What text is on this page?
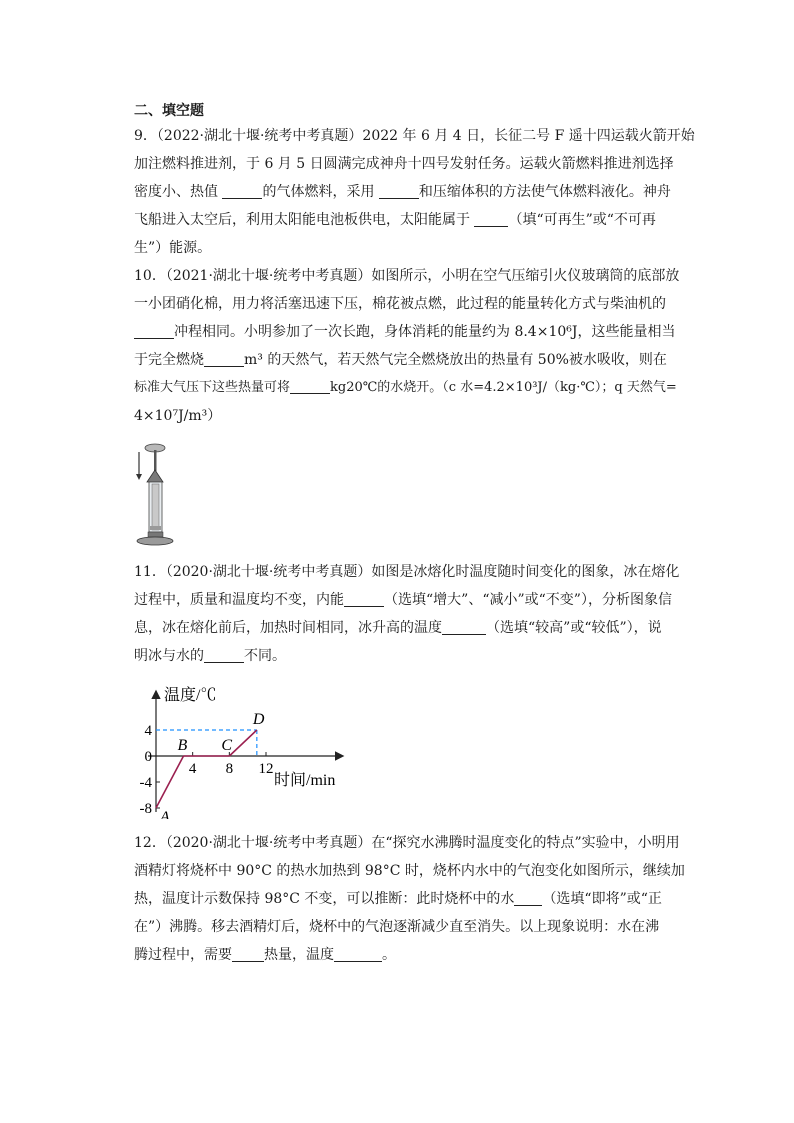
二、填空题
9．（2022·湖北十堰·统考中考真题）2022 年 6 月 4 日，长征二号 F 遥十四运载火箭开始
加注燃料推进剂，于 6 月 5 日圆满完成神舟十四号发射任务。运载火箭燃料推进剂选择
密度小、热值	的气体燃料，采用	和压缩体积的方法使气体燃料液化。神舟
飞船进入太空后，利用太阳能电池板供电，太阳能属于 （填“可再生”或“不可再
生”）能源。
10．（2021·湖北十堰·统考中考真题）如图所示，小明在空气压缩引火仪玻璃筒的底部放
一小团硝化棉，用力将活塞迅速下压，棉花被点燃，此过程的能量转化方式与柴油机的
冲程相同。小明参加了一次长跑，身体消耗的能量约为 8.4×10⁶J，这些能量相当
于完全燃烧	m³ 的天然气，若天然气完全燃烧放出的热量有 50%被水吸收，则在
标准大气压下这些热量可将	kg20℃的水烧开。（c 水=4.2×10³J/（kg·℃）；q 天然气=
4×10⁷J/m³）
11．（2020·湖北十堰·统考中考真题）如图是冰熔化时温度随时间变化的图象，冰在熔化
过程中，质量和温度均不变，内能	（选填“增大”、“减小”或“不变”），分析图象信
息，冰在熔化前后，加热时间相同，冰升高的温度	（选填“较高”或“较低”），说
明冰与水的	不同。
温度/℃
时间/min
4
0
-4
-8
4 8 12
A
B C
D
12．（2020·湖北十堰·统考中考真题）在“探究水沸腾时温度变化的特点”实验中，小明用
酒精灯将烧杯中 90°C 的热水加热到 98°C 时，烧杯内水中的气泡变化如图所示，继续加
热，温度计示数保持 98°C 不变，可以推断：此时烧杯中的水 （选填“即将”或“正
在”）沸腾。移去酒精灯后，烧杯中的气泡逐渐减少直至消失。以上现象说明：水在沸
腾过程中，需要 热量，温度	。
